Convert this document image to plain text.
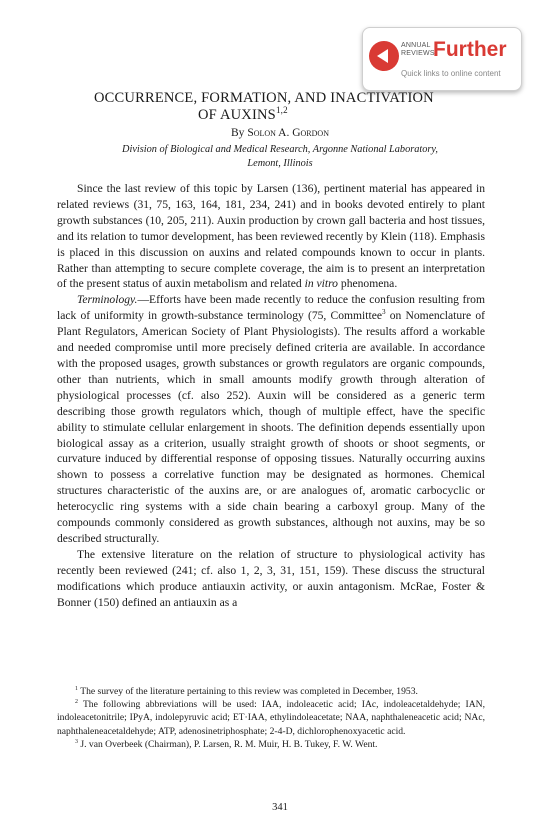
ANNUAL
REVIEWS
Further
Quick links to online content
OCCURRENCE, FORMATION, AND INACTIVATION
OF AUXINS$^{1,2}$
By Solon A. Gordon
Division of Biological and Medical Research, Argonne National Laboratory,
Lemont, Illinois

Since the last review of this topic by Larsen (136), pertinent material has appeared in related reviews (31, 75, 163, 164, 181, 234, 241) and in books devoted entirely to plant growth substances (10, 205, 211). Auxin production by crown gall bacteria and host tissues, and its relation to tumor development, has been reviewed recently by Klein (118). Emphasis is placed in this discussion on auxins and related compounds known to occur in plants. Rather than attempting to secure complete coverage, the aim is to present an interpretation of the present status of auxin metabolism and related in vitro phenomena.

Terminology.—Efforts have been made recently to reduce the confusion resulting from lack of uniformity in growth-substance terminology (75, Committee$^3$ on Nomenclature of Plant Regulators, American Society of Plant Physiologists). The results afford a workable and needed compromise until more precisely defined criteria are available. In accordance with the proposed usages, growth substances or growth regulators are organic compounds, other than nutrients, which in small amounts modify growth through alteration of physiological processes (cf. also 252). Auxin will be considered as a generic term describing those growth regulators which, though of multiple effect, have the specific ability to stimulate cellular enlargement in shoots. The definition depends essentially upon biological assay as a criterion, usually straight growth of shoots or shoot segments, or curvature induced by differential response of opposing tissues. Naturally occurring auxins shown to possess a correlative function may be designated as hormones. Chemical structures characteristic of the auxins are, or are analogues of, aromatic carbocyclic or heterocyclic ring systems with a side chain bearing a carboxyl group. Many of the compounds commonly considered as growth substances, although not auxins, may be so described structurally.

The extensive literature on the relation of structure to physiological activity has recently been reviewed (241; cf. also 1, 2, 3, 31, 151, 159). These discuss the structural modifications which produce antiauxin activity, or auxin antagonism. McRae, Foster & Bonner (150) defined an antiauxin as a

$^1$ The survey of the literature pertaining to this review was completed in December, 1953.

$^2$ The following abbreviations will be used: IAA, indoleacetic acid; IAc, indoleacetaldehyde; IAN, indoleacetonitrile; IPyA, indolepyruvic acid; ET·IAA, ethylindoleacetate; NAA, naphthaleneacetic acid; NAc, naphthaleneacetaldehyde; ATP, adenosinetriphosphate; 2-4-D, dichlorophenoxyacetic acid.

$^3$ J. van Overbeek (Chairman), P. Larsen, R. M. Muir, H. B. Tukey, F. W. Went.

341
